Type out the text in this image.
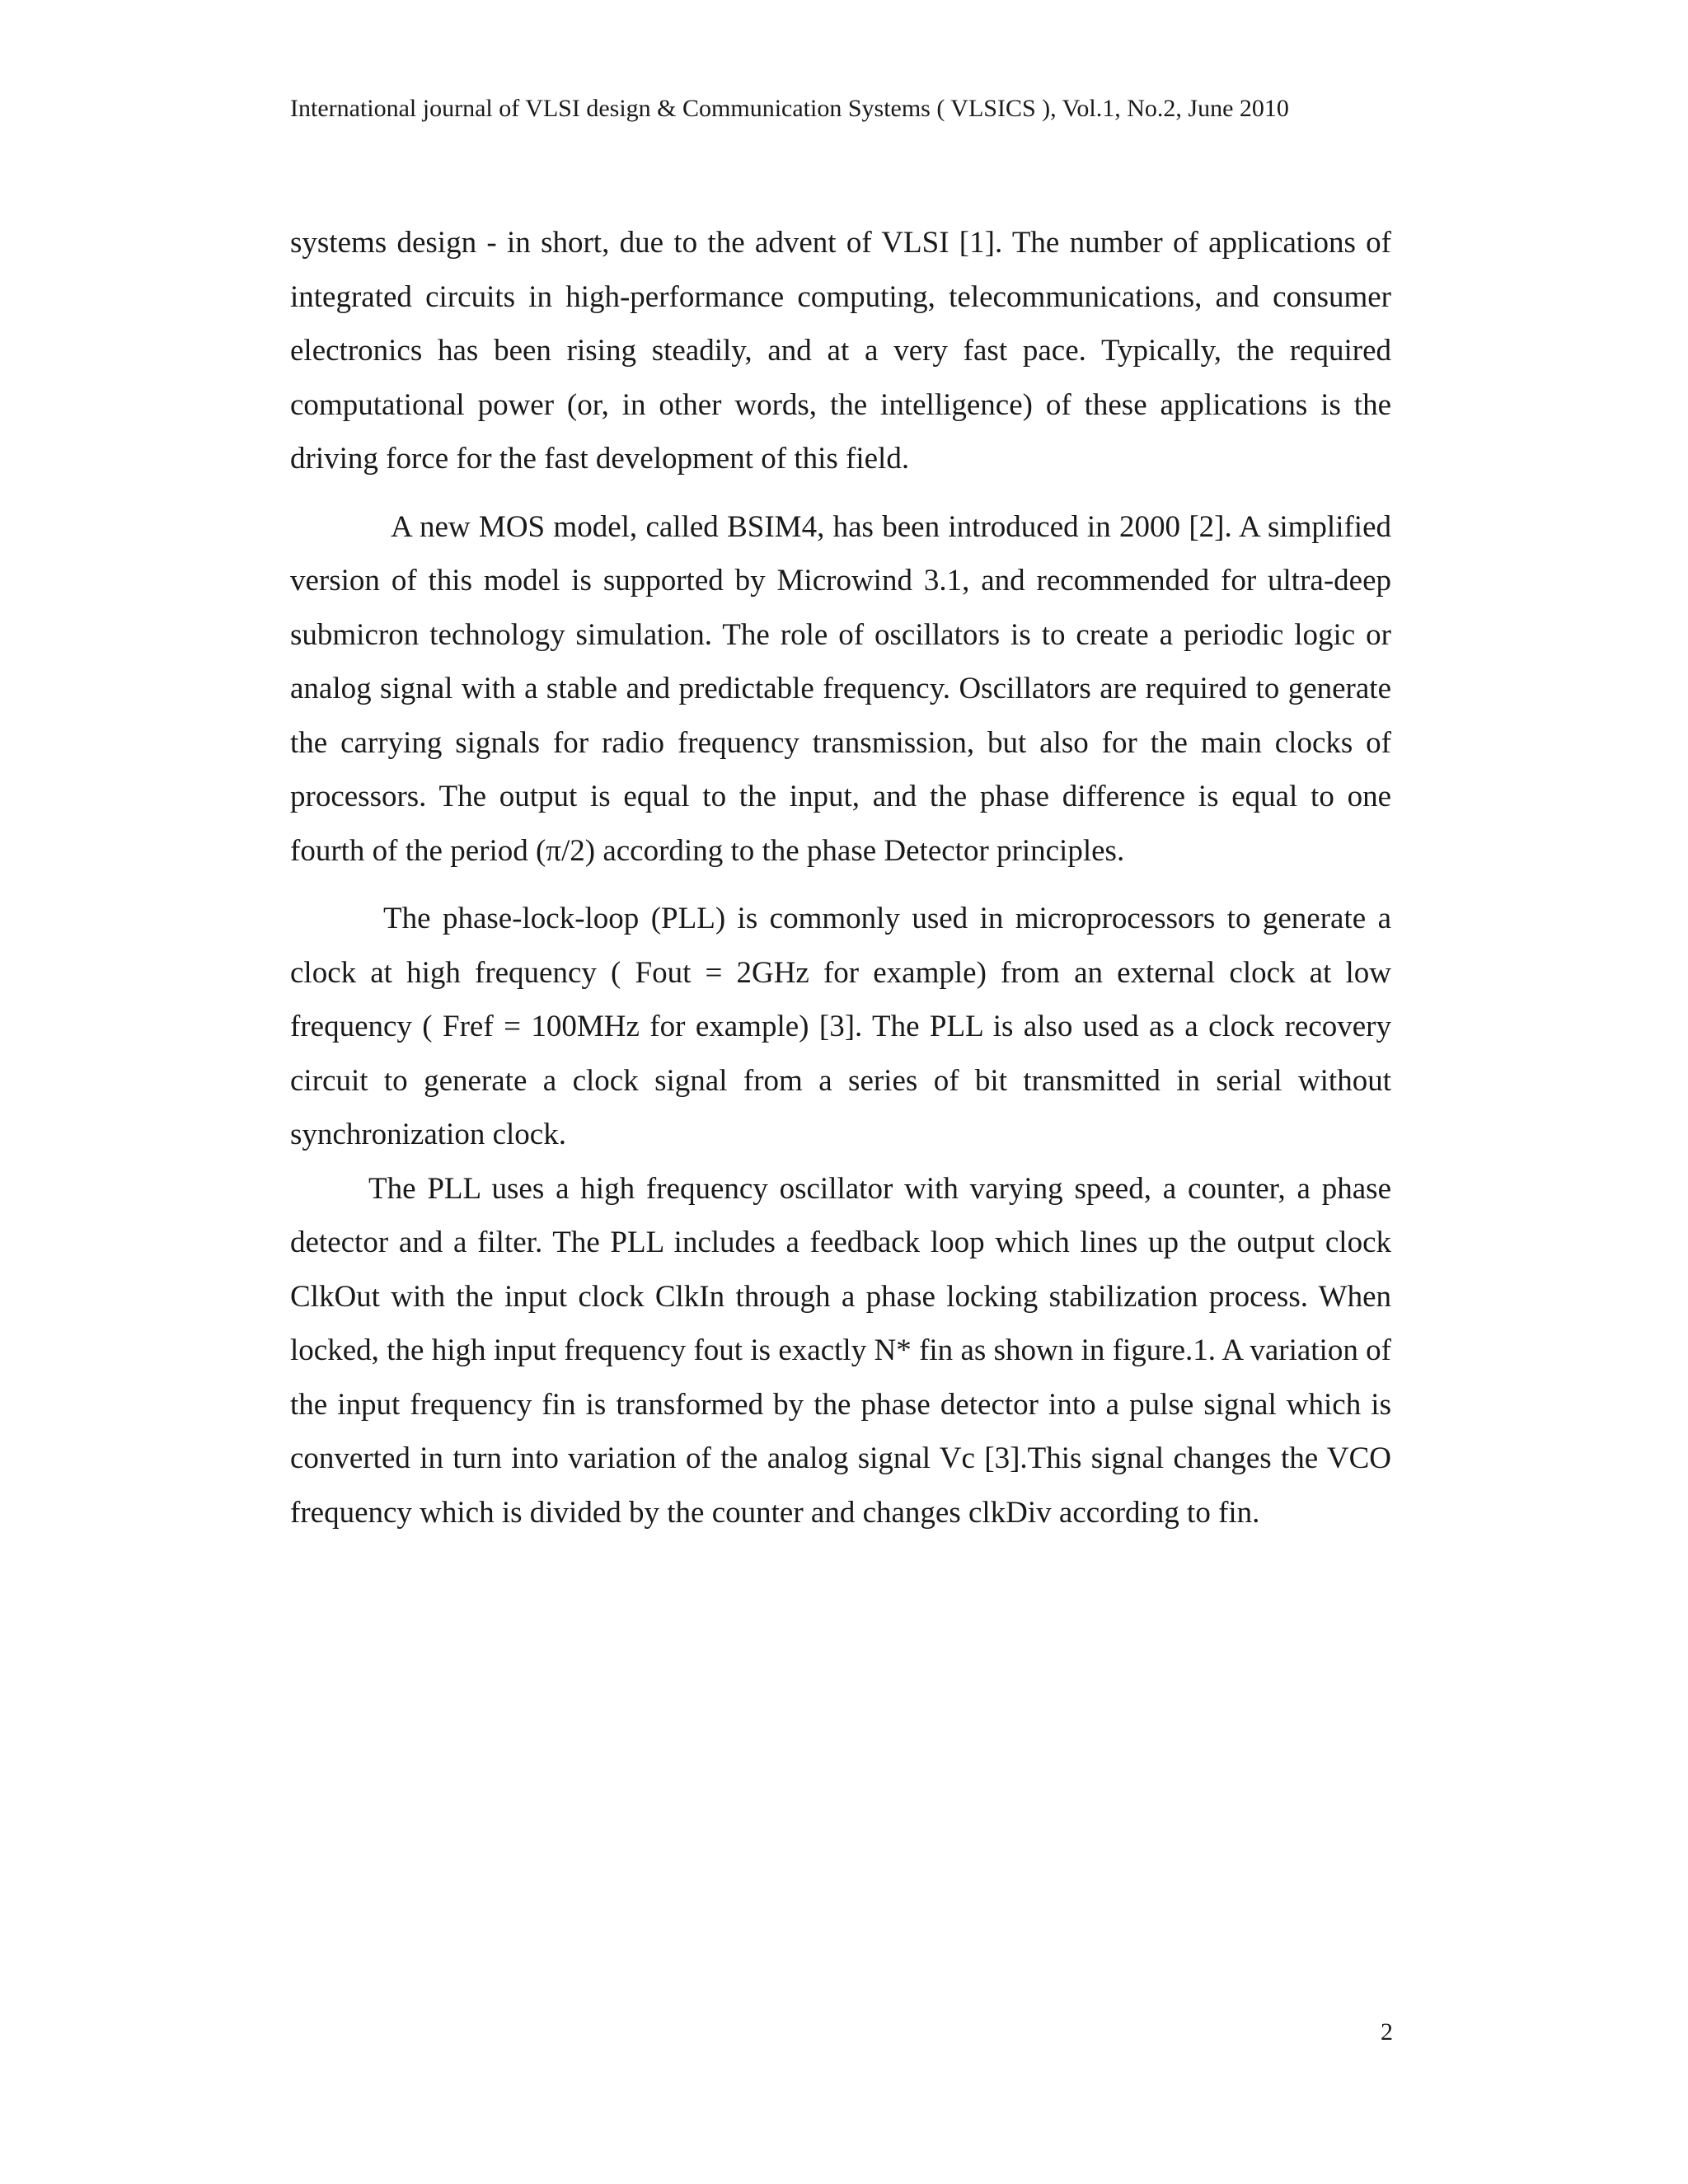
International journal of VLSI design & Communication Systems ( VLSICS ), Vol.1, No.2, June 2010

systems design - in short, due to the advent of VLSI [1]. The number of applications of integrated circuits in high-performance computing, telecommunications, and consumer electronics has been rising steadily, and at a very fast pace. Typically, the required computational power (or, in other words, the intelligence) of these applications is the driving force for the fast development of this field.

A new MOS model, called BSIM4, has been introduced in 2000 [2]. A simplified version of this model is supported by Microwind 3.1, and recommended for ultra-deep submicron technology simulation. The role of oscillators is to create a periodic logic or analog signal with a stable and predictable frequency. Oscillators are required to generate the carrying signals for radio frequency transmission, but also for the main clocks of processors. The output is equal to the input, and the phase difference is equal to one fourth of the period (π/2) according to the phase Detector principles.

The phase-lock-loop (PLL) is commonly used in microprocessors to generate a clock at high frequency ( Fout = 2GHz for example) from an external clock at low frequency ( Fref = 100MHz for example) [3]. The PLL is also used as a clock recovery circuit to generate a clock signal from a series of bit transmitted in serial without synchronization clock.

The PLL uses a high frequency oscillator with varying speed, a counter, a phase detector and a filter. The PLL includes a feedback loop which lines up the output clock ClkOut with the input clock ClkIn through a phase locking stabilization process. When locked, the high input frequency fout is exactly N* fin as shown in figure.1. A variation of the input frequency fin is transformed by the phase detector into a pulse signal which is converted in turn into variation of the analog signal Vc [3].This signal changes the VCO frequency which is divided by the counter and changes clkDiv according to fin.

2
